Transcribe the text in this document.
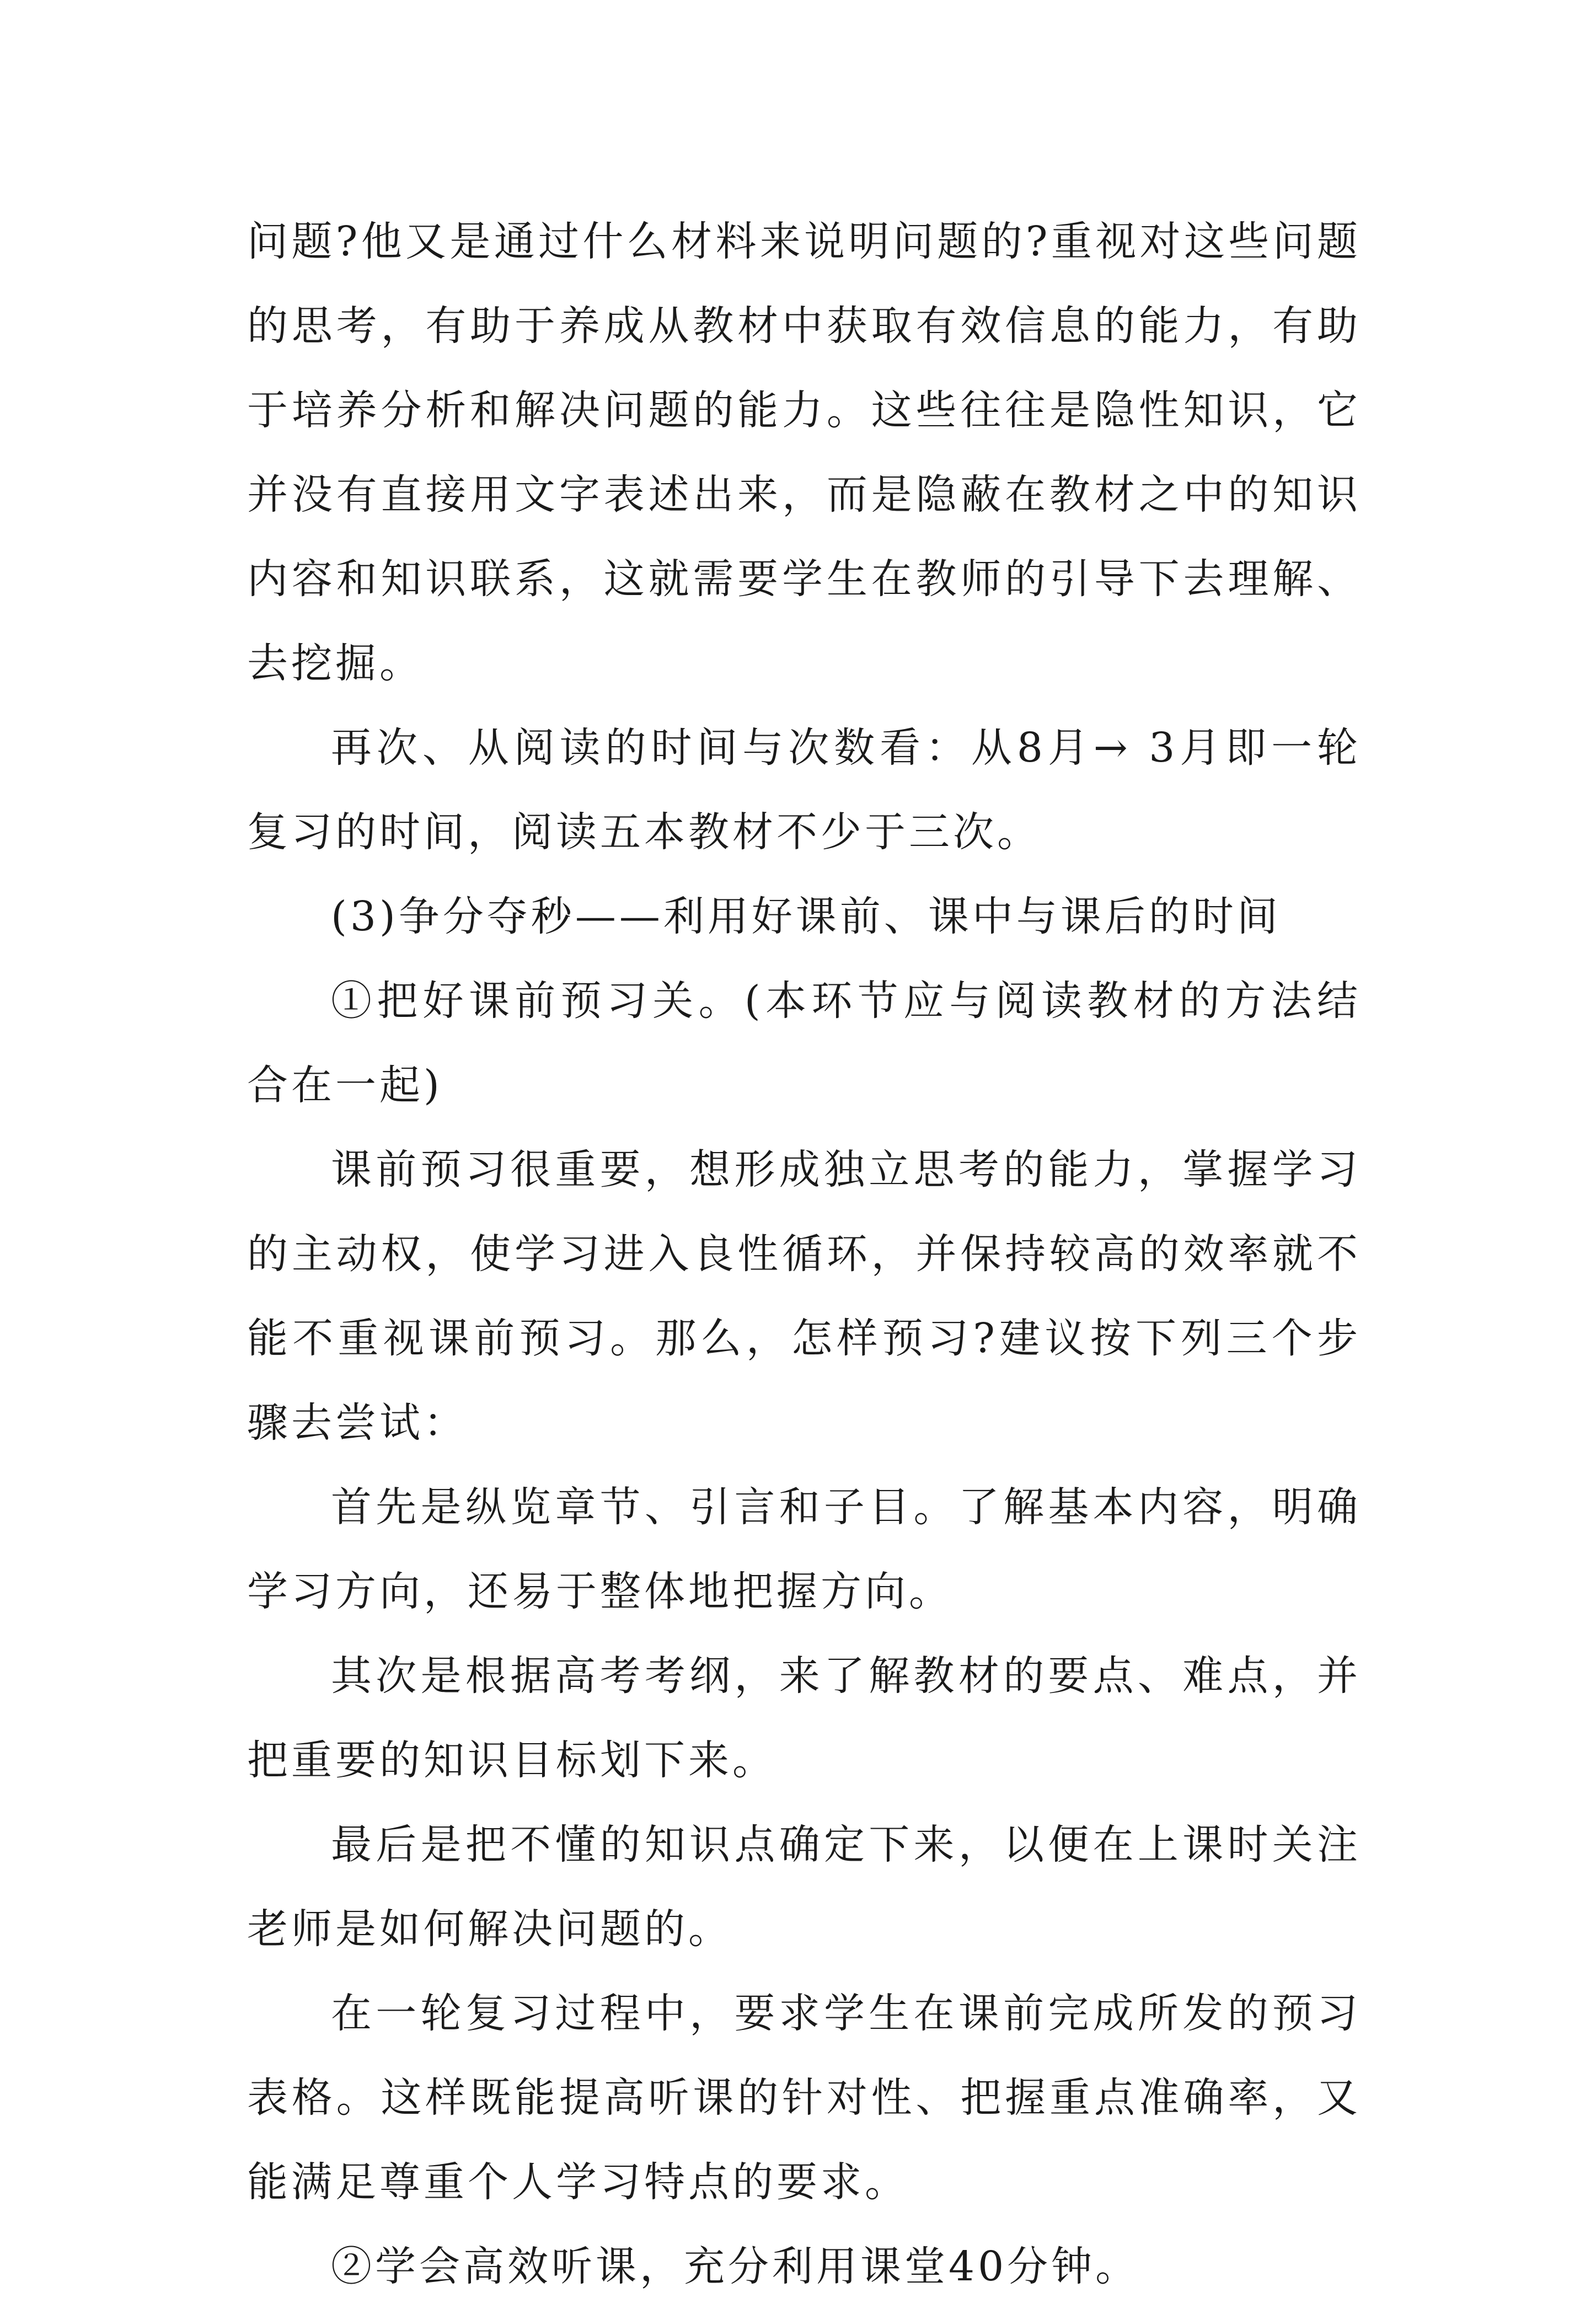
问题?他又是通过什么材料来说明问题的?重视对这些问题的思考，有助于养成从教材中获取有效信息的能力，有助于培养分析和解决问题的能力。这些往往是隐性知识，它并没有直接用文字表述出来，而是隐蔽在教材之中的知识内容和知识联系，这就需要学生在教师的引导下去理解、去挖掘。

再次、从阅读的时间与次数看：从8月→ 3月即一轮复习的时间，阅读五本教材不少于三次。

(3)争分夺秒——利用好课前、课中与课后的时间

①把好课前预习关。(本环节应与阅读教材的方法结合在一起)

课前预习很重要，想形成独立思考的能力，掌握学习的主动权，使学习进入良性循环，并保持较高的效率就不能不重视课前预习。那么，怎样预习?建议按下列三个步骤去尝试：

首先是纵览章节、引言和子目。了解基本内容，明确学习方向，还易于整体地把握方向。

其次是根据高考考纲，来了解教材的要点、难点，并把重要的知识目标划下来。

最后是把不懂的知识点确定下来，以便在上课时关注老师是如何解决问题的。

在一轮复习过程中，要求学生在课前完成所发的预习表格。这样既能提高听课的针对性、把握重点准确率，又能满足尊重个人学习特点的要求。

②学会高效听课，充分利用课堂40分钟。
